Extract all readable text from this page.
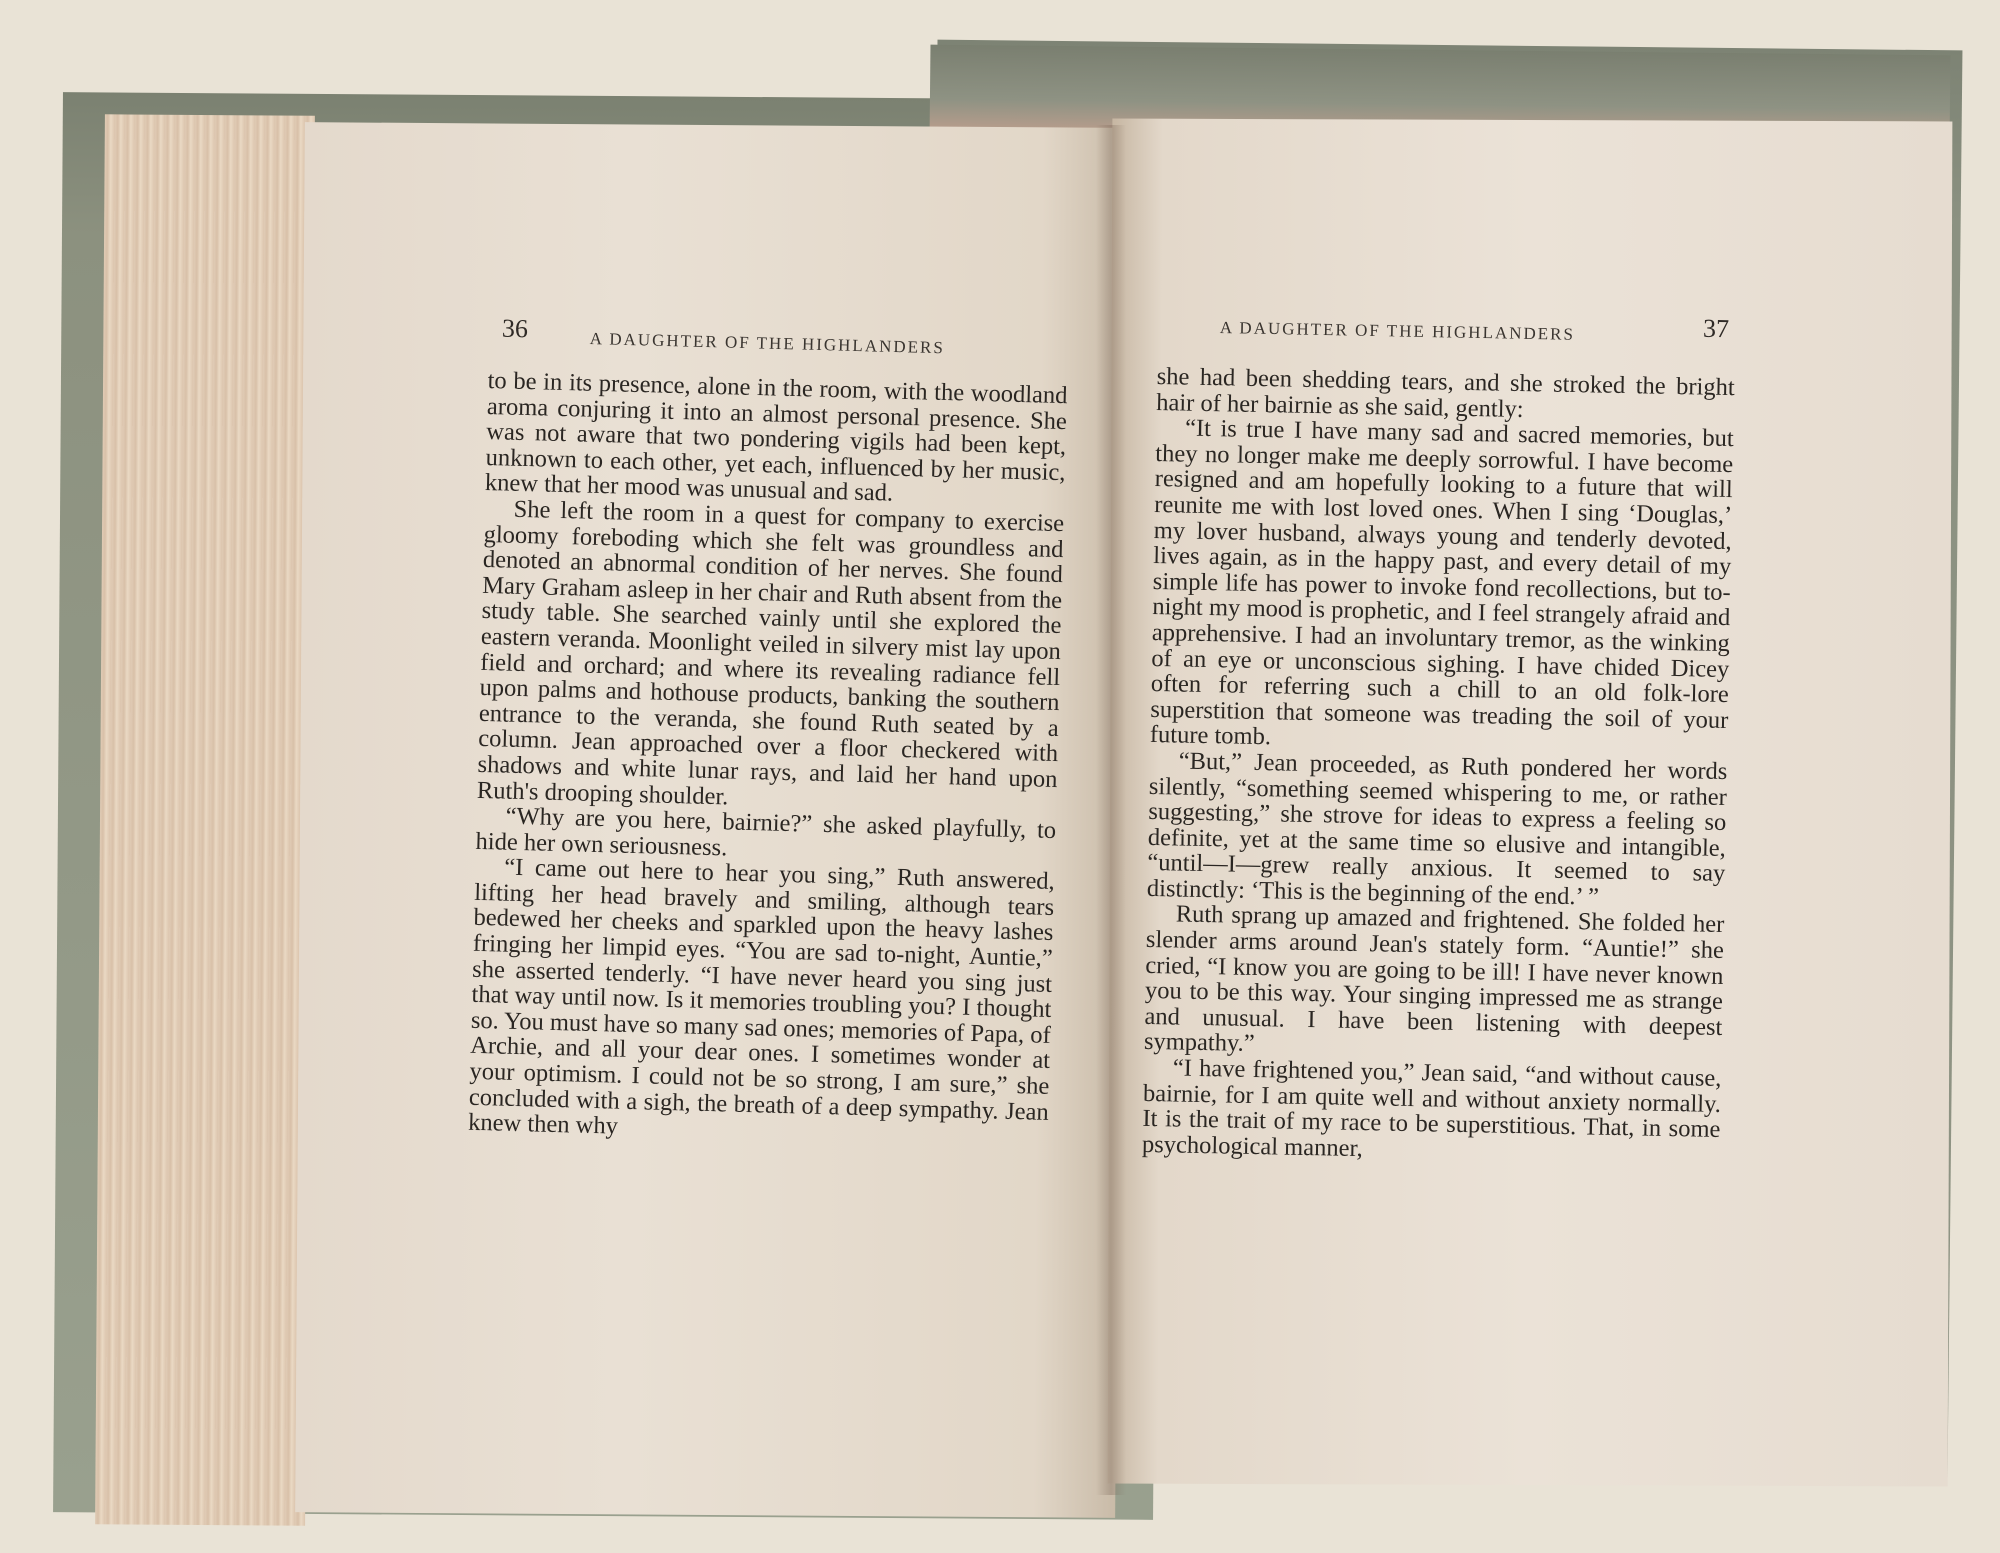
36	A DAUGHTER OF THE HIGHLANDERS	A DAUGHTER OF THE HIGHLANDERS	37

to be in its presence, alone in the room, with the woodland aroma conjuring it into an almost personal presence. She was not aware that two pondering vigils had been kept, unknown to each other, yet each, influenced by her music, knew that her mood was unusual and sad.

She left the room in a quest for company to exercise gloomy foreboding which she felt was groundless and denoted an abnormal condition of her nerves. She found Mary Graham asleep in her chair and Ruth absent from the study table. She searched vainly until she explored the eastern veranda. Moonlight veiled in silvery mist lay upon field and orchard; and where its revealing radiance fell upon palms and hothouse products, banking the southern entrance to the veranda, she found Ruth seated by a column. Jean approached over a floor checkered with shadows and white lunar rays, and laid her hand upon Ruth's drooping shoulder.

“Why are you here, bairnie?” she asked playfully, to hide her own seriousness.

“I came out here to hear you sing,” Ruth answered, lifting her head bravely and smiling, although tears bedewed her cheeks and sparkled upon the heavy lashes fringing her limpid eyes. “You are sad to-night, Auntie,” she asserted tenderly. “I have never heard you sing just that way until now. Is it memories troubling you? I thought so. You must have so many sad ones; memories of Papa, of Archie, and all your dear ones. I sometimes wonder at your optimism. I could not be so strong, I am sure,” she concluded with a sigh, the breath of a deep sympathy. Jean knew then why

she had been shedding tears, and she stroked the bright hair of her bairnie as she said, gently:

“It is true I have many sad and sacred memories, but they no longer make me deeply sorrowful. I have become resigned and am hopefully looking to a future that will reunite me with lost loved ones. When I sing ‘Douglas,’ my lover husband, always young and tenderly devoted, lives again, as in the happy past, and every detail of my simple life has power to invoke fond recollections, but to-night my mood is prophetic, and I feel strangely afraid and apprehensive. I had an involuntary tremor, as the winking of an eye or unconscious sighing. I have chided Dicey often for referring such a chill to an old folk-lore superstition that someone was treading the soil of your future tomb.

“But,” Jean proceeded, as Ruth pondered her words silently, “something seemed whispering to me, or rather suggesting,” she strove for ideas to express a feeling so definite, yet at the same time so elusive and intangible, “until—I—grew really anxious. It seemed to say distinctly: ‘This is the beginning of the end.’ ”

Ruth sprang up amazed and frightened. She folded her slender arms around Jean's stately form. “Auntie!” she cried, “I know you are going to be ill! I have never known you to be this way. Your singing impressed me as strange and unusual. I have been listening with deepest sympathy.”

“I have frightened you,” Jean said, “and without cause, bairnie, for I am quite well and without anxiety normally. It is the trait of my race to be superstitious. That, in some psychological manner,
